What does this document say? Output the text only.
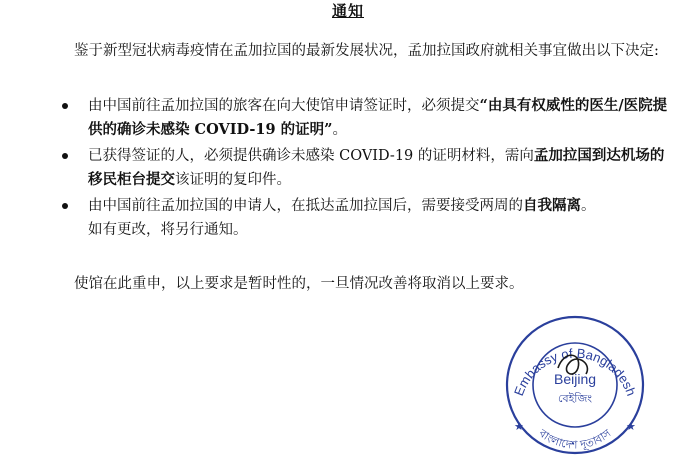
通知
鉴于新型冠状病毒疫情在孟加拉国的最新发展状况，孟加拉国政府就相关事宜做出以下决定:
由中国前往孟加拉国的旅客在向大使馆申请签证时，必须提交“由具有权威性的医生/医院提供的确诊未感染 COVID-19 的证明”。
已获得签证的人，必须提供确诊未感染 COVID-19 的证明材料，需向孟加拉国到达机场的移民柜台提交该证明的复印件。
由中国前往孟加拉国的申请人，在抵达孟加拉国后，需要接受两周的自我隔离。
如有更改，将另行通知。
使馆在此重申，以上要求是暂时性的，一旦情况改善将取消以上要求。
Embassy of Bangladesh
বাংলাদেশ দূতাবাস
Beijing
বেইজিং
★	★
